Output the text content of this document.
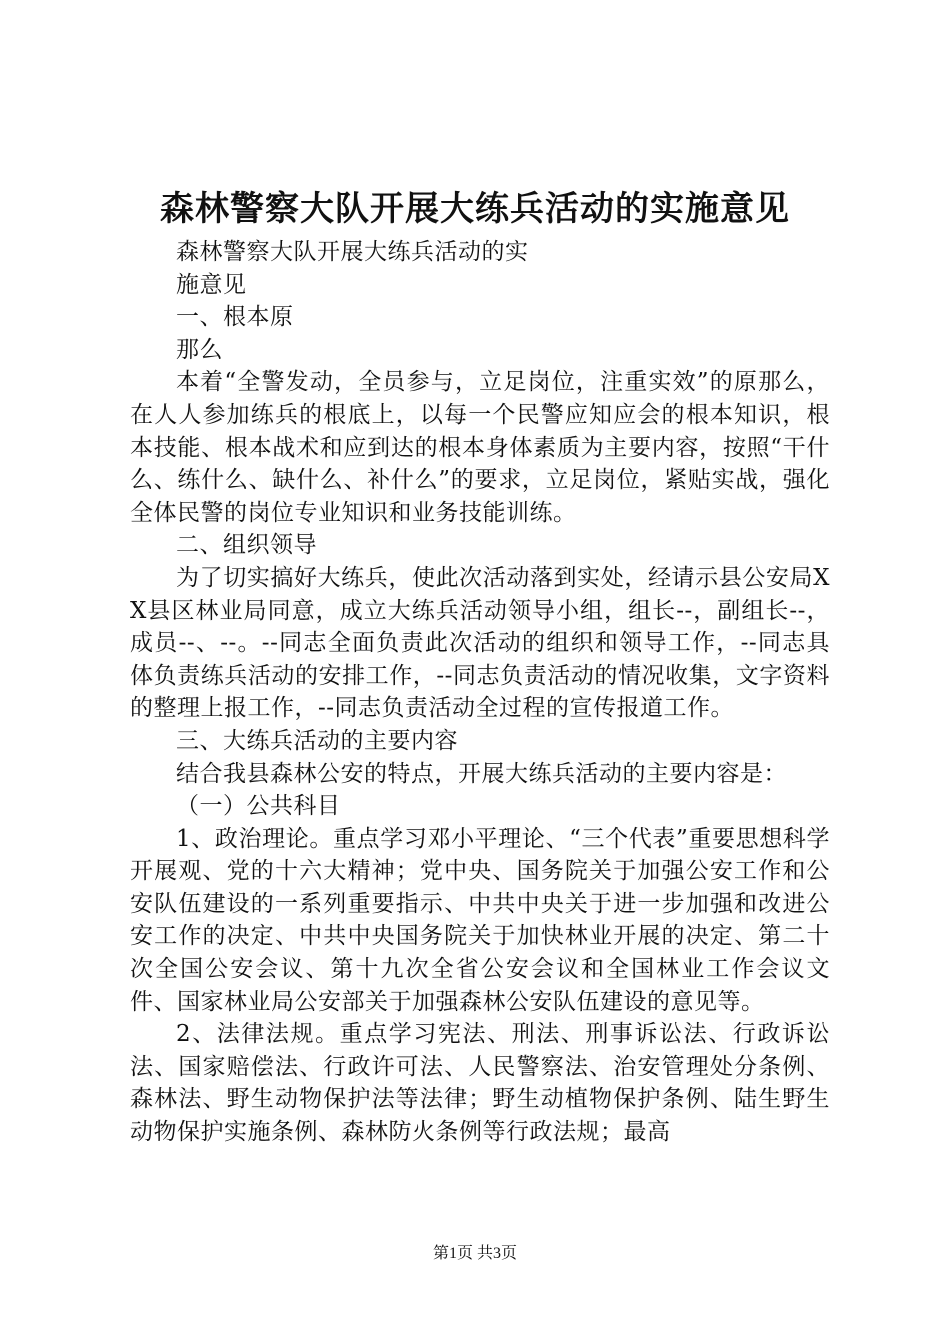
森林警察大队开展大练兵活动的实施意见

森林警察大队开展大练兵活动的实

施意见

一、根本原

那么

本着“全警发动，全员参与，立足岗位，注重实效”的原那么，在人人参加练兵的根底上，以每一个民警应知应会的根本知识，根本技能、根本战术和应到达的根本身体素质为主要内容，按照“干什么、练什么、缺什么、补什么”的要求，立足岗位，紧贴实战，强化全体民警的岗位专业知识和业务技能训练。

二、组织领导

为了切实搞好大练兵，使此次活动落到实处，经请示县公安局XX县区林业局同意，成立大练兵活动领导小组，组长--，副组长--，成员--、--。--同志全面负责此次活动的组织和领导工作，--同志具体负责练兵活动的安排工作，--同志负责活动的情况收集，文字资料的整理上报工作，--同志负责活动全过程的宣传报道工作。

三、大练兵活动的主要内容

结合我县森林公安的特点，开展大练兵活动的主要内容是：

（一）公共科目

1、政治理论。重点学习邓小平理论、“三个代表”重要思想科学开展观、党的十六大精神；党中央、国务院关于加强公安工作和公安队伍建设的一系列重要指示、中共中央关于进一步加强和改进公安工作的决定、中共中央国务院关于加快林业开展的决定、第二十次全国公安会议、第十九次全省公安会议和全国林业工作会议文件、国家林业局公安部关于加强森林公安队伍建设的意见等。

2、法律法规。重点学习宪法、刑法、刑事诉讼法、行政诉讼法、国家赔偿法、行政许可法、人民警察法、治安管理处分条例、森林法、野生动物保护法等法律；野生动植物保护条例、陆生野生动物保护实施条例、森林防火条例等行政法规；最高

第1页 共3页
